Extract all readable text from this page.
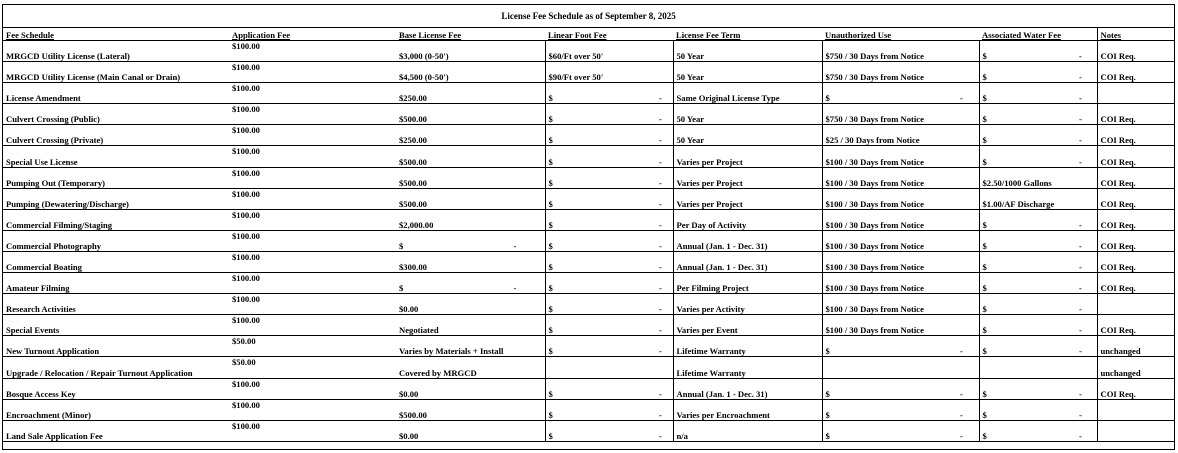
License Fee Schedule as of September 8, 2025							
Fee Schedule	Application Fee	Base License Fee	Linear Foot Fee	License Fee Term	Unauthorized Use	Associated Water Fee	Notes
MRGCD Utility License (Lateral)	$100.00	$3,000 (0-50')	$60/Ft over 50'	50 Year	$750 / 30 Days from Notice	$ -	COI Req.
MRGCD Utility License (Main Canal or Drain)	$100.00	$4,500 (0-50')	$90/Ft over 50'	50 Year	$750 / 30 Days from Notice	$ -	COI Req.
License Amendment	$100.00	$250.00	$ -	Same Original License Type	$ -	$ -	
Culvert Crossing (Public)	$100.00	$500.00	$ -	50 Year	$750 / 30 Days from Notice	$ -	COI Req.
Culvert Crossing (Private)	$100.00	$250.00	$ -	50 Year	$25 / 30 Days from Notice	$ -	COI Req.
Special Use License	$100.00	$500.00	$ -	Varies per Project	$100 / 30 Days from Notice	$ -	COI Req.
Pumping Out (Temporary)	$100.00	$500.00	$ -	Varies per Project	$100 / 30 Days from Notice	$2.50/1000 Gallons	COI Req.
Pumping (Dewatering/Discharge)	$100.00	$500.00	$ -	Varies per Project	$100 / 30 Days from Notice	$1.00/AF Discharge	COI Req.
Commercial Filming/Staging	$100.00	$2,000.00	$ -	Per Day of Activity	$100 / 30 Days from Notice	$ -	COI Req.
Commercial Photography	$100.00	$ -	$ -	Annual (Jan. 1 - Dec. 31)	$100 / 30 Days from Notice	$ -	COI Req.
Commercial Boating	$100.00	$300.00	$ -	Annual (Jan. 1 - Dec. 31)	$100 / 30 Days from Notice	$ -	COI Req.
Amateur Filming	$100.00	$ -	$ -	Per Filming Project	$100 / 30 Days from Notice	$ -	COI Req.
Research Activities	$100.00	$0.00	$ -	Varies per Activity	$100 / 30 Days from Notice	$ -	
Special Events	$100.00	Negotiated	$ -	Varies per Event	$100 / 30 Days from Notice	$ -	COI Req.
New Turnout Application	$50.00	Varies by Materials + Install	$ -	Lifetime Warranty	$ -	$ -	unchanged
Upgrade / Relocation / Repair Turnout Application	$50.00	Covered by MRGCD		Lifetime Warranty			unchanged
Bosque Access Key	$100.00	$0.00	$ -	Annual (Jan. 1 - Dec. 31)	$ -	$ -	COI Req.
Encroachment (Minor)	$100.00	$500.00	$ -	Varies per Encroachment	$ -	$ -	
Land Sale Application Fee	$100.00	$0.00	$ -	n/a	$ -	$ -	
